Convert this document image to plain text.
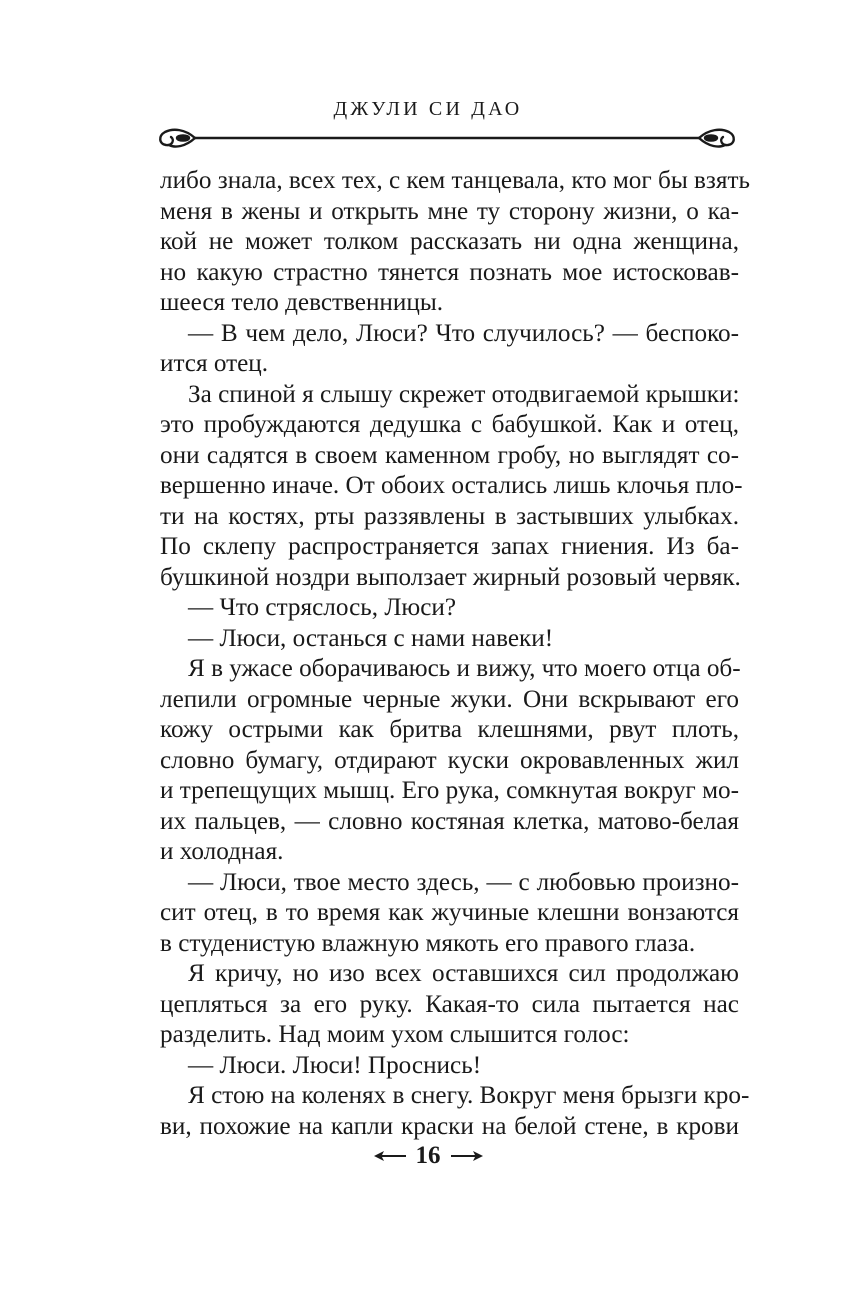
ДЖУЛИ СИ ДАО
либо знала, всех тех, с кем танцевала, кто мог бы взять
меня в жены и открыть мне ту сторону жизни, о ка-
кой не может толком рассказать ни одна женщина,
но какую страстно тянется познать мое истосковав-
шееся тело девственницы.
— В чем дело, Люси? Что случилось? — беспоко-
ится отец.
За спиной я слышу скрежет отодвигаемой крышки:
это пробуждаются дедушка с бабушкой. Как и отец,
они садятся в своем каменном гробу, но выглядят со-
вершенно иначе. От обоих остались лишь клочья пло-
ти на костях, рты раззявлены в застывших улыбках.
По склепу распространяется запах гниения. Из ба-
бушкиной ноздри выползает жирный розовый червяк.
— Что стряслось, Люси?
— Люси, останься с нами навеки!
Я в ужасе оборачиваюсь и вижу, что моего отца об-
лепили огромные черные жуки. Они вскрывают его
кожу острыми как бритва клешнями, рвут плоть,
словно бумагу, отдирают куски окровавленных жил
и трепещущих мышц. Его рука, сомкнутая вокруг мо-
их пальцев, — словно костяная клетка, матово-белая
и холодная.
— Люси, твое место здесь, — с любовью произно-
сит отец, в то время как жучиные клешни вонзаются
в студенистую влажную мякоть его правого глаза.
Я кричу, но изо всех оставшихся сил продолжаю
цепляться за его руку. Какая-то сила пытается нас
разделить. Над моим ухом слышится голос:
— Люси. Люси! Проснись!
Я стою на коленях в снегу. Вокруг меня брызги кро-
ви, похожие на капли краски на белой стене, в крови
16
